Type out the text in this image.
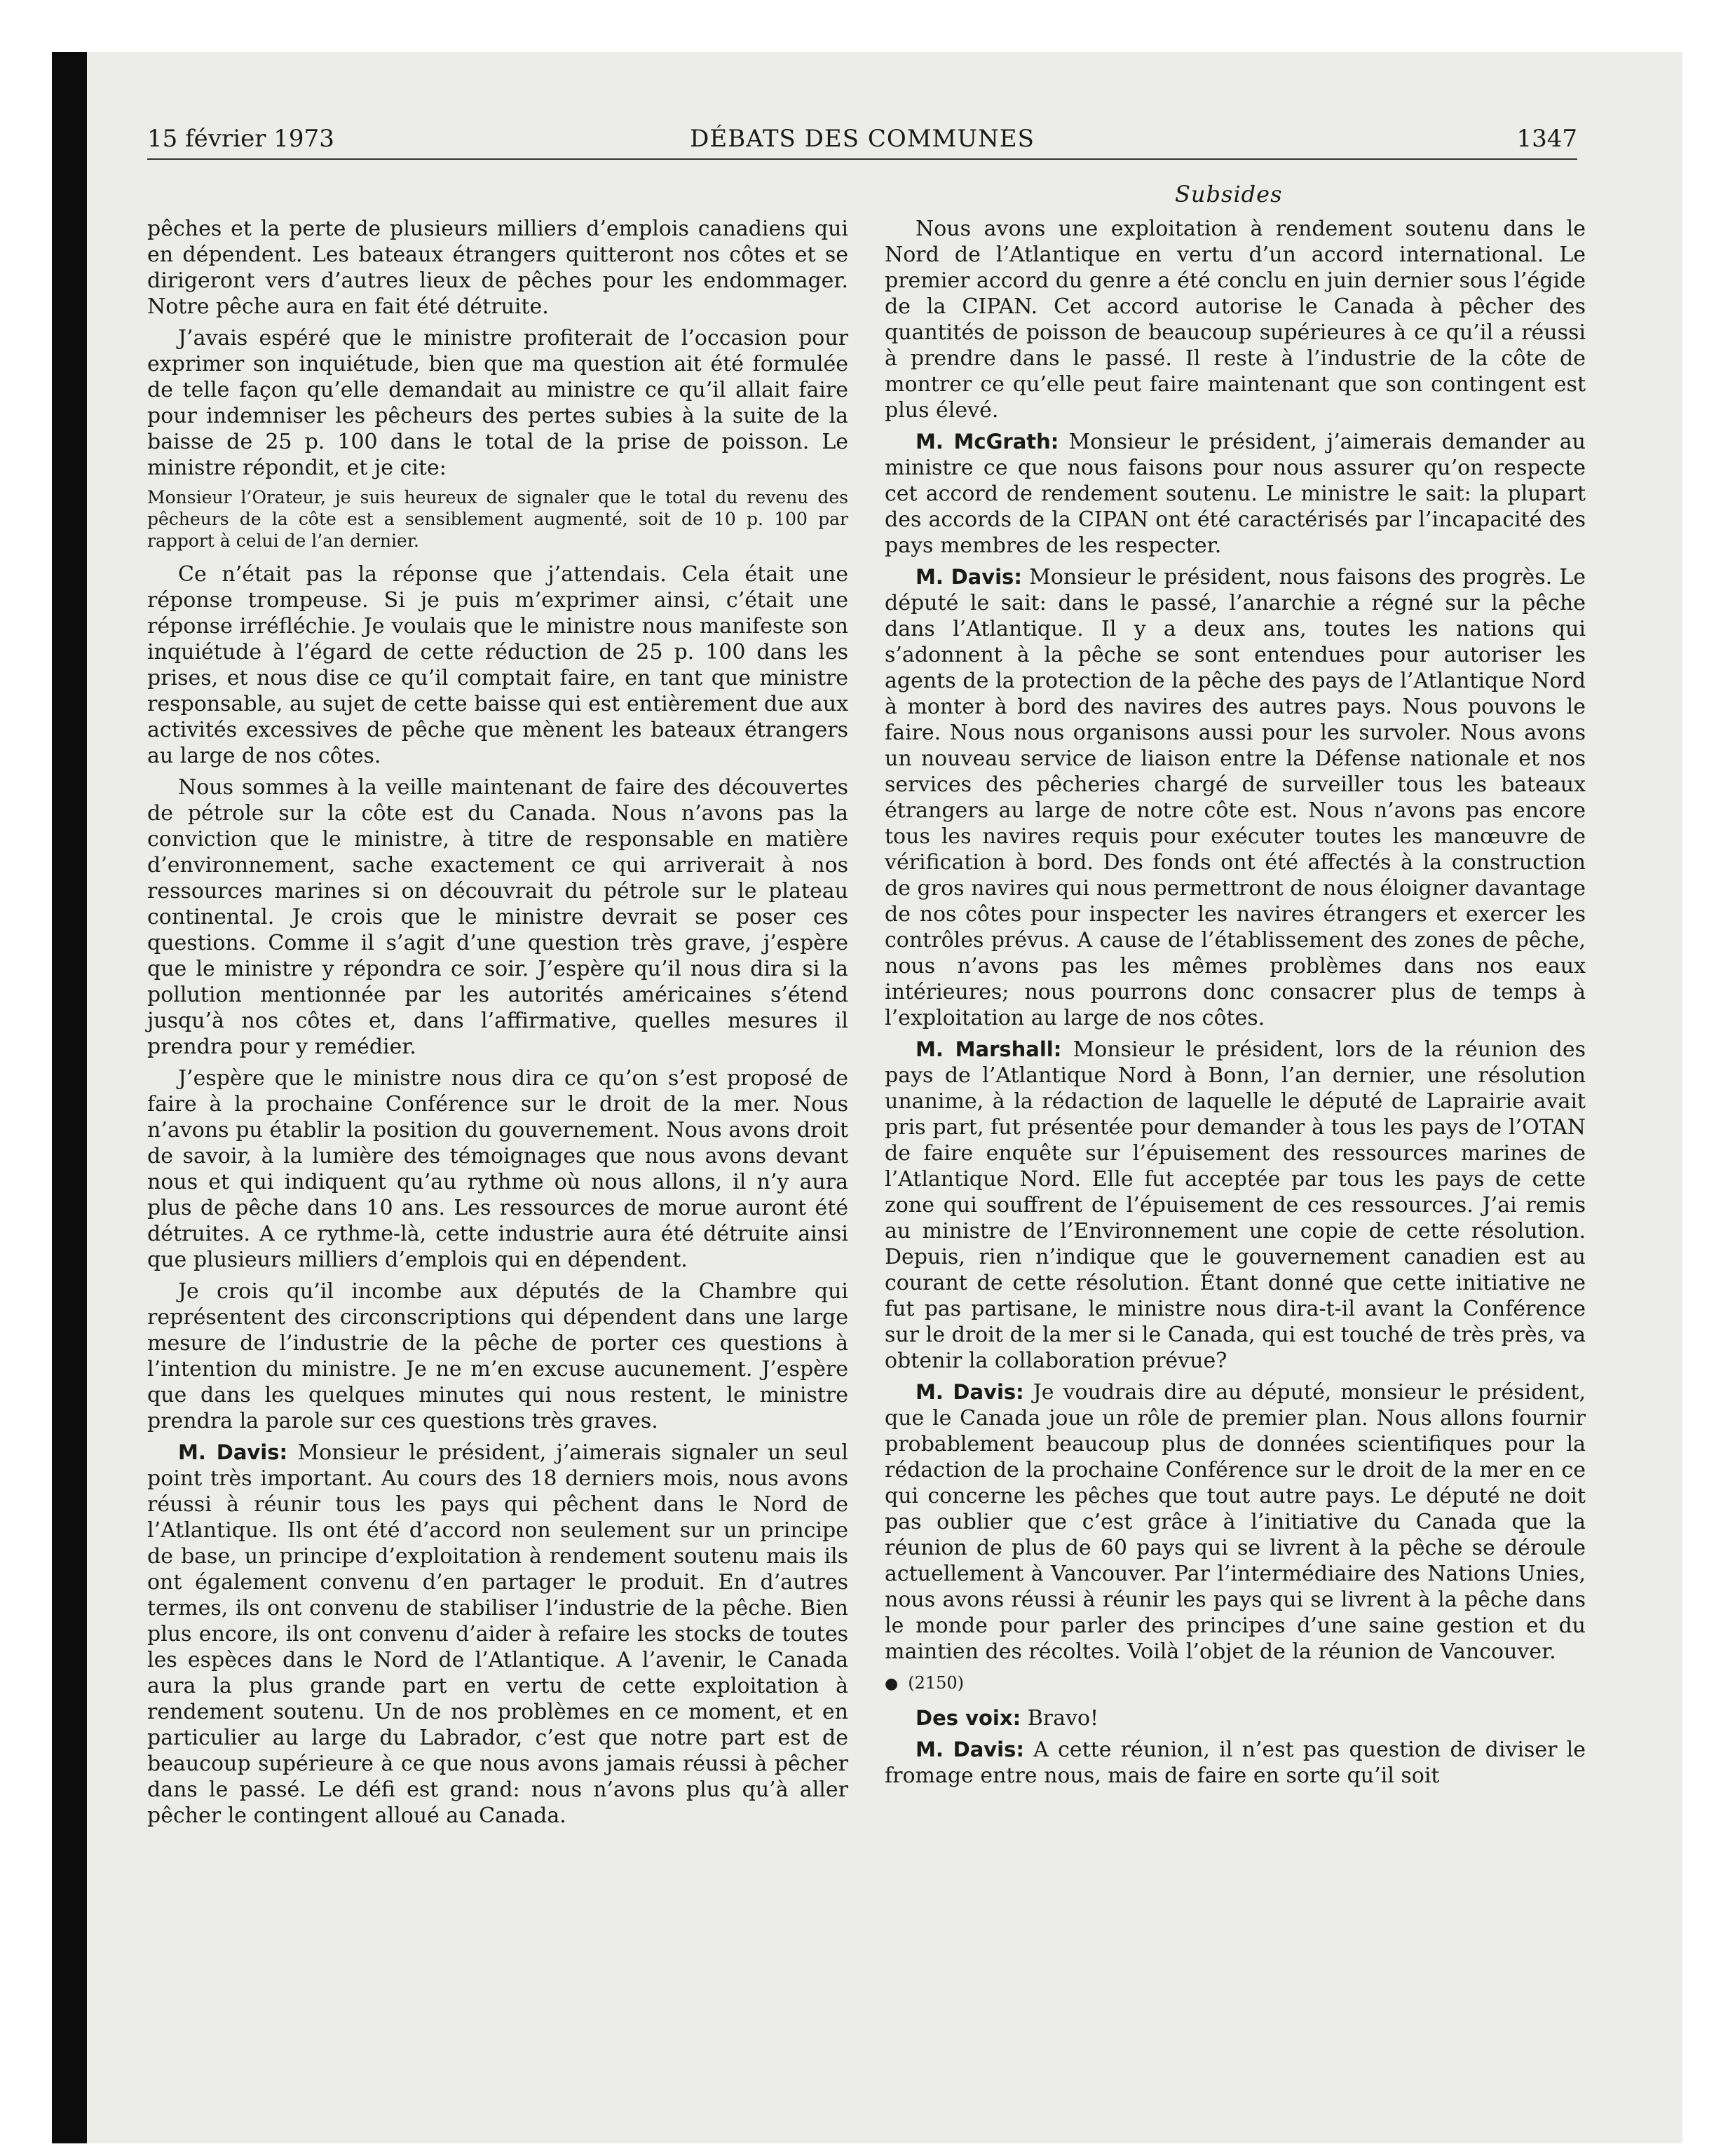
15 février 1973	DÉBATS DES COMMUNES	1347
Subsides

pêches et la perte de plusieurs milliers d’emplois canadiens qui en dépendent. Les bateaux étrangers quitteront nos côtes et se dirigeront vers d’autres lieux de pêches pour les endommager. Notre pêche aura en fait été détruite.

J’avais espéré que le ministre profiterait de l’occasion pour exprimer son inquiétude, bien que ma question ait été formulée de telle façon qu’elle demandait au ministre ce qu’il allait faire pour indemniser les pêcheurs des pertes subies à la suite de la baisse de 25 p. 100 dans le total de la prise de poisson. Le ministre répondit, et je cite:

Monsieur l’Orateur, je suis heureux de signaler que le total du revenu des pêcheurs de la côte est a sensiblement augmenté, soit de 10 p. 100 par rapport à celui de l’an dernier.

Ce n’était pas la réponse que j’attendais. Cela était une réponse trompeuse. Si je puis m’exprimer ainsi, c’était une réponse irréfléchie. Je voulais que le ministre nous manifeste son inquiétude à l’égard de cette réduction de 25 p. 100 dans les prises, et nous dise ce qu’il comptait faire, en tant que ministre responsable, au sujet de cette baisse qui est entièrement due aux activités excessives de pêche que mènent les bateaux étrangers au large de nos côtes.

Nous sommes à la veille maintenant de faire des découvertes de pétrole sur la côte est du Canada. Nous n’avons pas la conviction que le ministre, à titre de responsable en matière d’environnement, sache exactement ce qui arriverait à nos ressources marines si on découvrait du pétrole sur le plateau continental. Je crois que le ministre devrait se poser ces questions. Comme il s’agit d’une question très grave, j’espère que le ministre y répondra ce soir. J’espère qu’il nous dira si la pollution mentionnée par les autorités américaines s’étend jusqu’à nos côtes et, dans l’affirmative, quelles mesures il prendra pour y remédier.

J’espère que le ministre nous dira ce qu’on s’est proposé de faire à la prochaine Conférence sur le droit de la mer. Nous n’avons pu établir la position du gouvernement. Nous avons droit de savoir, à la lumière des témoignages que nous avons devant nous et qui indiquent qu’au rythme où nous allons, il n’y aura plus de pêche dans 10 ans. Les ressources de morue auront été détruites. A ce rythme-là, cette industrie aura été détruite ainsi que plusieurs milliers d’emplois qui en dépendent.

Je crois qu’il incombe aux députés de la Chambre qui représentent des circonscriptions qui dépendent dans une large mesure de l’industrie de la pêche de porter ces questions à l’intention du ministre. Je ne m’en excuse aucunement. J’espère que dans les quelques minutes qui nous restent, le ministre prendra la parole sur ces questions très graves.

M. Davis: Monsieur le président, j’aimerais signaler un seul point très important. Au cours des 18 derniers mois, nous avons réussi à réunir tous les pays qui pêchent dans le Nord de l’Atlantique. Ils ont été d’accord non seulement sur un principe de base, un principe d’exploitation à rendement soutenu mais ils ont également convenu d’en partager le produit. En d’autres termes, ils ont convenu de stabiliser l’industrie de la pêche. Bien plus encore, ils ont convenu d’aider à refaire les stocks de toutes les espèces dans le Nord de l’Atlantique. A l’avenir, le Canada aura la plus grande part en vertu de cette exploitation à rendement soutenu. Un de nos problèmes en ce moment, et en particulier au large du Labrador, c’est que notre part est de beaucoup supérieure à ce que nous avons jamais réussi à pêcher dans le passé. Le défi est grand: nous n’avons plus qu’à aller pêcher le contingent alloué au Canada.

Nous avons une exploitation à rendement soutenu dans le Nord de l’Atlantique en vertu d’un accord international. Le premier accord du genre a été conclu en juin dernier sous l’égide de la CIPAN. Cet accord autorise le Canada à pêcher des quantités de poisson de beaucoup supérieures à ce qu’il a réussi à prendre dans le passé. Il reste à l’industrie de la côte de montrer ce qu’elle peut faire maintenant que son contingent est plus élevé.

M. McGrath: Monsieur le président, j’aimerais demander au ministre ce que nous faisons pour nous assurer qu’on respecte cet accord de rendement soutenu. Le ministre le sait: la plupart des accords de la CIPAN ont été caractérisés par l’incapacité des pays membres de les respecter.

M. Davis: Monsieur le président, nous faisons des progrès. Le député le sait: dans le passé, l’anarchie a régné sur la pêche dans l’Atlantique. Il y a deux ans, toutes les nations qui s’adonnent à la pêche se sont entendues pour autoriser les agents de la protection de la pêche des pays de l’Atlantique Nord à monter à bord des navires des autres pays. Nous pouvons le faire. Nous nous organisons aussi pour les survoler. Nous avons un nouveau service de liaison entre la Défense nationale et nos services des pêcheries chargé de surveiller tous les bateaux étrangers au large de notre côte est. Nous n’avons pas encore tous les navires requis pour exécuter toutes les manœuvre de vérification à bord. Des fonds ont été affectés à la construction de gros navires qui nous permettront de nous éloigner davantage de nos côtes pour inspecter les navires étrangers et exercer les contrôles prévus. A cause de l’établissement des zones de pêche, nous n’avons pas les mêmes problèmes dans nos eaux intérieures; nous pourrons donc consacrer plus de temps à l’exploitation au large de nos côtes.

M. Marshall: Monsieur le président, lors de la réunion des pays de l’Atlantique Nord à Bonn, l’an dernier, une résolution unanime, à la rédaction de laquelle le député de Laprairie avait pris part, fut présentée pour demander à tous les pays de l’OTAN de faire enquête sur l’épuisement des ressources marines de l’Atlantique Nord. Elle fut acceptée par tous les pays de cette zone qui souffrent de l’épuisement de ces ressources. J’ai remis au ministre de l’Environnement une copie de cette résolution. Depuis, rien n’indique que le gouvernement canadien est au courant de cette résolution. Étant donné que cette initiative ne fut pas partisane, le ministre nous dira-t-il avant la Conférence sur le droit de la mer si le Canada, qui est touché de très près, va obtenir la collaboration prévue?

M. Davis: Je voudrais dire au député, monsieur le président, que le Canada joue un rôle de premier plan. Nous allons fournir probablement beaucoup plus de données scientifiques pour la rédaction de la prochaine Conférence sur le droit de la mer en ce qui concerne les pêches que tout autre pays. Le député ne doit pas oublier que c’est grâce à l’initiative du Canada que la réunion de plus de 60 pays qui se livrent à la pêche se déroule actuellement à Vancouver. Par l’intermédiaire des Nations Unies, nous avons réussi à réunir les pays qui se livrent à la pêche dans le monde pour parler des principes d’une saine gestion et du maintien des récoltes. Voilà l’objet de la réunion de Vancouver.

● (2150)

Des voix: Bravo!

M. Davis: A cette réunion, il n’est pas question de diviser le fromage entre nous, mais de faire en sorte qu’il soit
